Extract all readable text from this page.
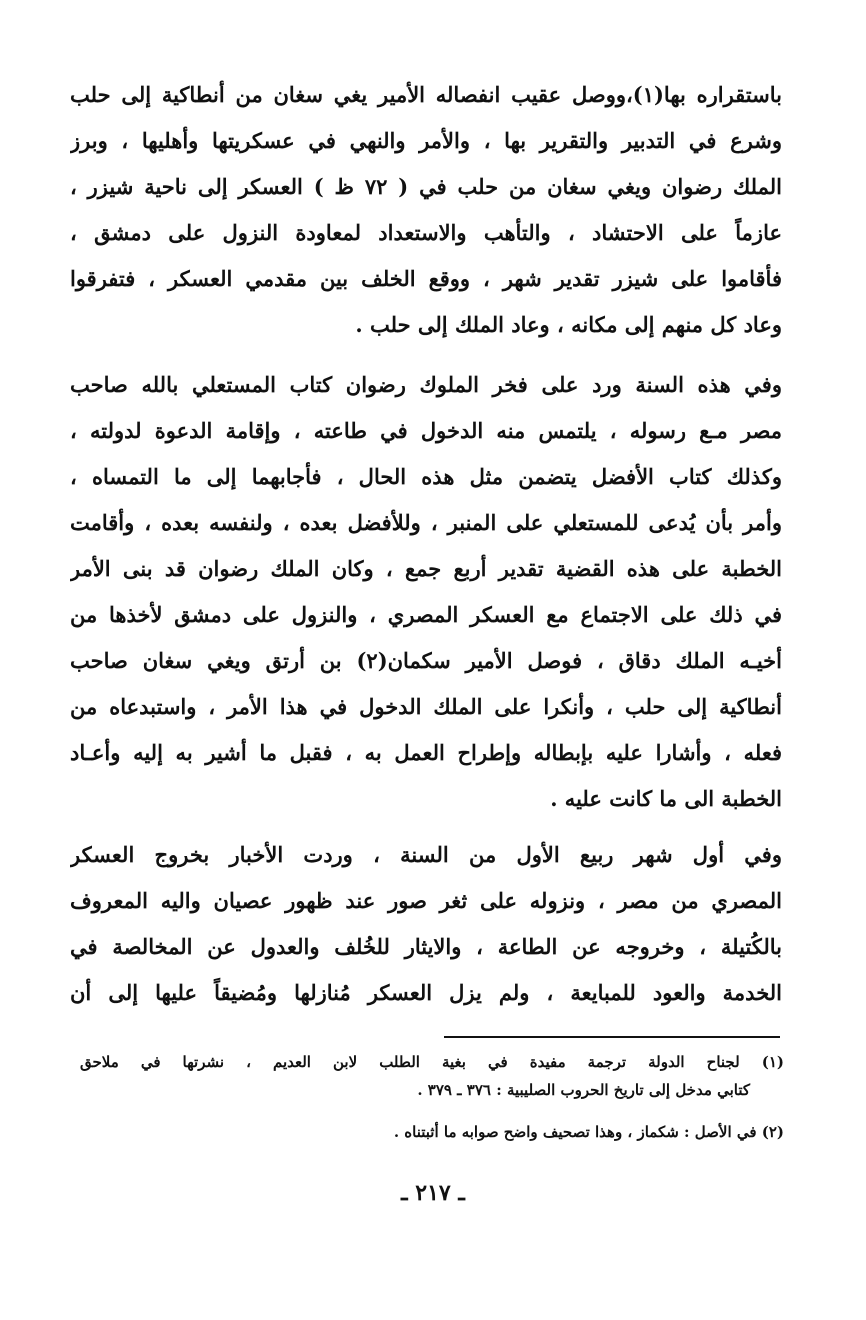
باستقراره بها(١)،ووصل عقيب انفصاله الأمير يغي سغان من أنطاكية إلى حلب
وشرع في التدبير والتقرير بها ، والأمر والنهي في عسكريتها وأهليها ، وبرز
الملك رضوان ويغي سغان من حلب في ( ٧٢ ظ ) العسكر إلى ناحية شيزر ،
عازماً على الاحتشاد ، والتأهب والاستعداد لمعاودة النزول على دمشق ،
فأقاموا على شيزر تقدير شهر ، ووقع الخلف بين مقدمي العسكر ، فتفرقوا
وعاد كل منهم إلى مكانه ، وعاد الملك إلى حلب .
وفي هذه السنة ورد على فخر الملوك رضوان كتاب المستعلي بالله صاحب
مصر مـع رسوله ، يلتمس منه الدخول في طاعته ، وإقامة الدعوة لدولته ،
وكذلك كتاب الأفضل يتضمن مثل هذه الحال ، فأجابهما إلى ما التمساه ،
وأمر بأن يُدعى للمستعلي على المنبر ، وللأفضل بعده ، ولنفسه بعده ، وأقامت
الخطبة على هذه القضية تقدير أربع جمع ، وكان الملك رضوان قد بنى الأمر
في ذلك على الاجتماع مع العسكر المصري ، والنزول على دمشق لأخذها من
أخيـه الملك دقاق ، فوصل الأمير سكمان(٢) بن أرتق ويغي سغان صاحب
أنطاكية إلى حلب ، وأنكرا على الملك الدخول في هذا الأمر ، واستبدعاه من
فعله ، وأشارا عليه بإبطاله وإطراح العمل به ، فقبل ما أشير به إليه وأعـاد
الخطبة الى ما كانت عليه .
وفي أول شهر ربيع الأول من السنة ، وردت الأخبار بخروج العسكر
المصري من مصر ، ونزوله على ثغر صور عند ظهور عصيان واليه المعروف
بالكُتيلة ، وخروجه عن الطاعة ، والايثار للخُلف والعدول عن المخالصة في
الخدمة والعود للمبايعة ، ولم يزل العسكر مُنازلها ومُضيقاً عليها إلى أن
(١) لجناح الدولة ترجمة مفيدة في بغية الطلب لابن العديم ، نشرتها في ملاحق
كتابي مدخل إلى تاريخ الحروب الصليبية : ٣٧٦ ـ ٣٧٩ .
(٢) في الأصل : شكماز ، وهذا تصحيف واضح صوابه ما أثبتناه .
ـ ٢١٧ ـ
